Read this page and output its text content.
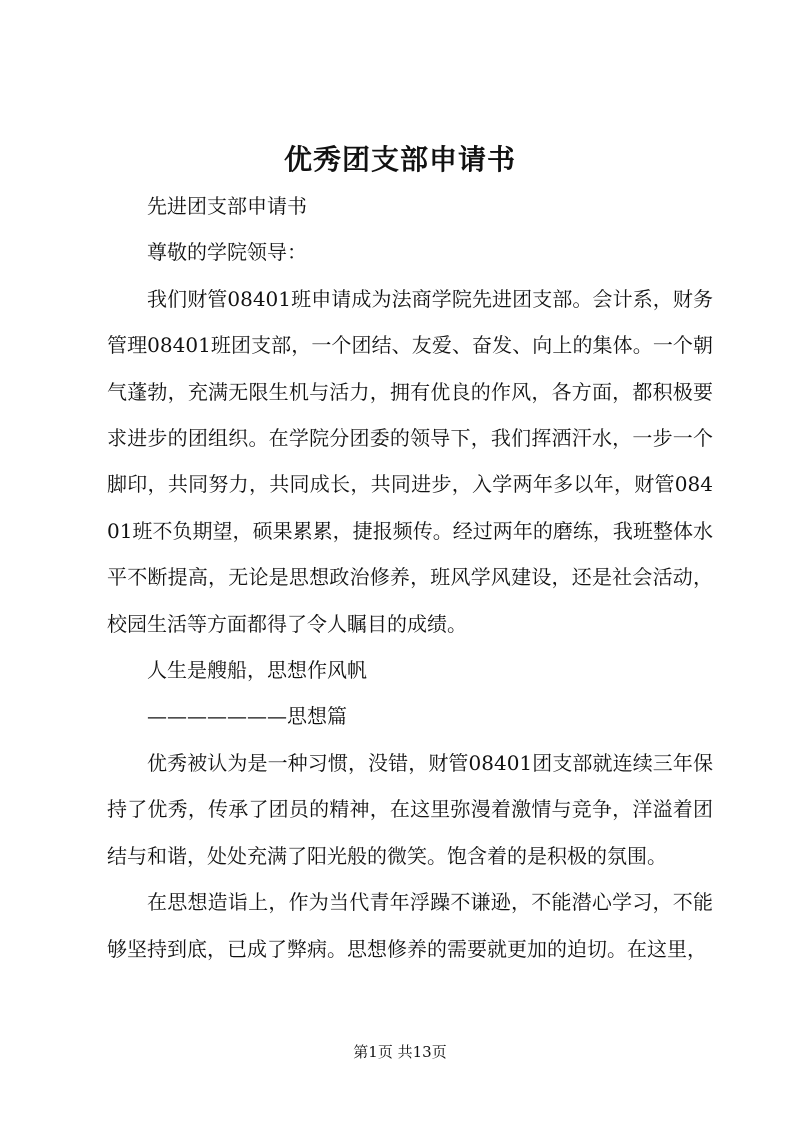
优秀团支部申请书

先进团支部申请书

尊敬的学院领导：

我们财管08401班申请成为法商学院先进团支部。会计系，财务管理08401班团支部，一个团结、友爱、奋发、向上的集体。一个朝气蓬勃，充满无限生机与活力，拥有优良的作风，各方面，都积极要求进步的团组织。在学院分团委的领导下，我们挥洒汗水，一步一个脚印，共同努力，共同成长，共同进步，入学两年多以年，财管08401班不负期望，硕果累累，捷报频传。经过两年的磨练，我班整体水平不断提高，无论是思想政治修养，班风学风建设，还是社会活动，校园生活等方面都得了令人瞩目的成绩。

人生是艘船，思想作风帆

———————思想篇

优秀被认为是一种习惯，没错，财管08401团支部就连续三年保持了优秀，传承了团员的精神，在这里弥漫着激情与竞争，洋溢着团结与和谐，处处充满了阳光般的微笑。饱含着的是积极的氛围。

在思想造诣上，作为当代青年浮躁不谦逊，不能潜心学习，不能够坚持到底，已成了弊病。思想修养的需要就更加的迫切。在这里，

第1页 共13页
